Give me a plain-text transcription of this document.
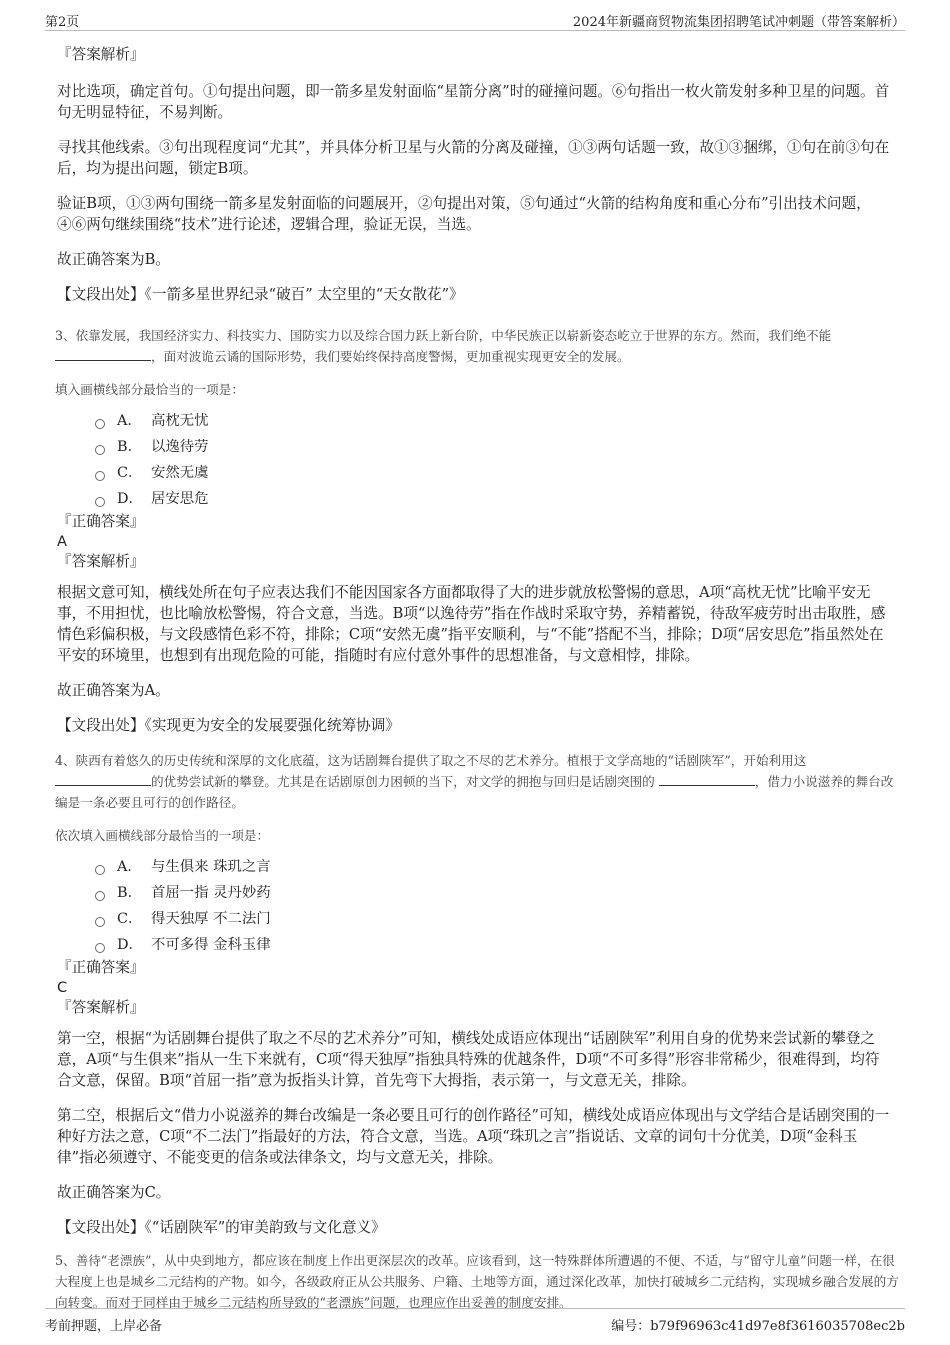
第2页	2024年新疆商贸物流集团招聘笔试冲刺题（带答案解析）
『答案解析』

对比选项，确定首句。①句提出问题，即一箭多星发射面临“星箭分离”时的碰撞问题。⑥句指出一枚火箭发射多种卫星的问题。首句无明显特征，不易判断。

寻找其他线索。③句出现程度词“尤其”，并具体分析卫星与火箭的分离及碰撞，①③两句话题一致，故①③捆绑，①句在前③句在后，均为提出问题，锁定B项。

验证B项，①③两句围绕一箭多星发射面临的问题展开，②句提出对策，⑤句通过“火箭的结构角度和重心分布”引出技术问题，④⑥两句继续围绕“技术”进行论述，逻辑合理，验证无误，当选。

故正确答案为B。

【文段出处】《一箭多星世界纪录“破百” 太空里的“天女散花”》

3、依靠发展，我国经济实力、科技实力、国防实力以及综合国力跃上新台阶，中华民族正以崭新姿态屹立于世界的东方。然而，我们绝不能
，面对波诡云谲的国际形势，我们要始终保持高度警惕，更加重视实现更安全的发展。
填入画横线部分最恰当的一项是：
A． 高枕无忧
B． 以逸待劳
C． 安然无虞
D． 居安思危
『正确答案』
A
『答案解析』

根据文意可知，横线处所在句子应表达我们不能因国家各方面都取得了大的进步就放松警惕的意思，A项“高枕无忧”比喻平安无事，不用担忧，也比喻放松警惕，符合文意，当选。B项“以逸待劳”指在作战时采取守势，养精蓄锐，待敌军疲劳时出击取胜，感情色彩偏积极，与文段感情色彩不符，排除；C项“安然无虞”指平安顺利，与“不能”搭配不当，排除；D项“居安思危”指虽然处在平安的环境里，也想到有出现危险的可能，指随时有应付意外事件的思想准备，与文意相悖，排除。

故正确答案为A。

【文段出处】《实现更为安全的发展要强化统筹协调》

4、陕西有着悠久的历史传统和深厚的文化底蕴，这为话剧舞台提供了取之不尽的艺术养分。植根于文学高地的“话剧陕军”，开始利用这
的优势尝试新的攀登。尤其是在话剧原创力困顿的当下，对文学的拥抱与回归是话剧突围的	，借力小说滋养的舞台改编是一条必要且可行的创作路径。
依次填入画横线部分最恰当的一项是：
A． 与生俱来 珠玑之言
B． 首屈一指 灵丹妙药
C． 得天独厚 不二法门
D． 不可多得 金科玉律
『正确答案』
C
『答案解析』

第一空，根据“为话剧舞台提供了取之不尽的艺术养分”可知，横线处成语应体现出“话剧陕军”利用自身的优势来尝试新的攀登之意，A项“与生俱来”指从一生下来就有，C项“得天独厚”指独具特殊的优越条件，D项“不可多得”形容非常稀少，很难得到，均符合文意，保留。B项“首屈一指”意为扳指头计算，首先弯下大拇指，表示第一，与文意无关，排除。

第二空，根据后文“借力小说滋养的舞台改编是一条必要且可行的创作路径”可知，横线处成语应体现出与文学结合是话剧突围的一种好方法之意，C项“不二法门”指最好的方法，符合文意，当选。A项“珠玑之言”指说话、文章的词句十分优美，D项“金科玉律”指必须遵守、不能变更的信条或法律条文，均与文意无关，排除。

故正确答案为C。

【文段出处】《“话剧陕军”的审美韵致与文化意义》

5、善待“老漂族”，从中央到地方，都应该在制度上作出更深层次的改革。应该看到，这一特殊群体所遭遇的不便、不适，与“留守儿童”问题一样，在很大程度上也是城乡二元结构的产物。如今，各级政府正从公共服务、户籍、土地等方面，通过深化改革，加快打破城乡二元结构，实现城乡融合发展的方向转变。而对于同样由于城乡二元结构所导致的“老漂族”问题，也理应作出妥善的制度安排。
考前押题，上岸必备	编号：b79f96963c41d97e8f3616035708ec2b
